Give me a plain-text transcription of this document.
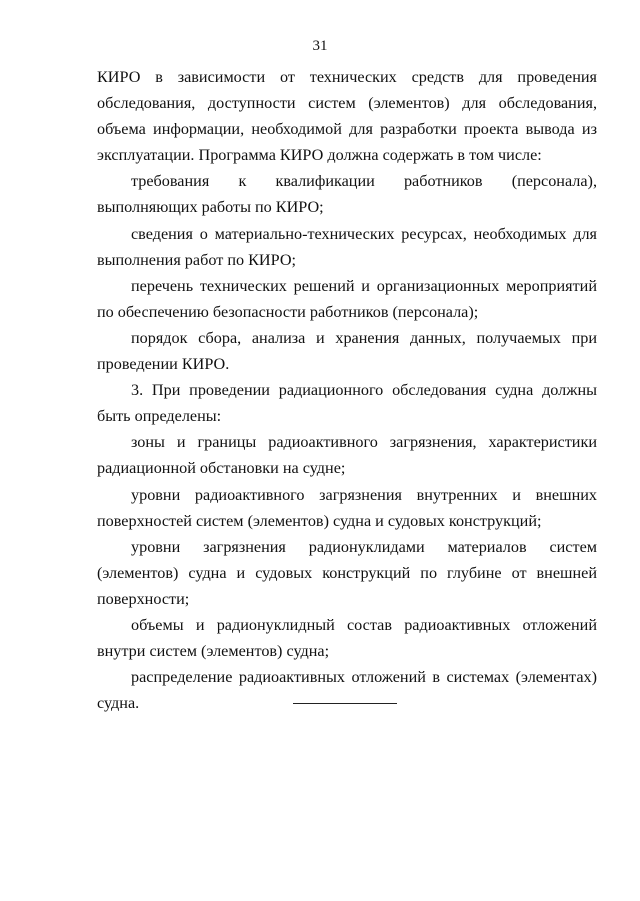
31

КИРО в зависимости от технических средств для проведения обследования, доступности систем (элементов) для обследования, объема информации, необходимой для разработки проекта вывода из эксплуатации. Программа КИРО должна содержать в том числе:

требования к квалификации работников (персонала), выполняющих работы по КИРО;

сведения о материально-технических ресурсах, необходимых для выполнения работ по КИРО;

перечень технических решений и организационных мероприятий по обеспечению безопасности работников (персонала);

порядок сбора, анализа и хранения данных, получаемых при проведении КИРО.

3. При проведении радиационного обследования судна должны быть определены:

зоны и границы радиоактивного загрязнения, характеристики радиационной обстановки на судне;

уровни радиоактивного загрязнения внутренних и внешних поверхностей систем (элементов) судна и судовых конструкций;

уровни загрязнения радионуклидами материалов систем (элементов) судна и судовых конструкций по глубине от внешней поверхности;

объемы и радионуклидный состав радиоактивных отложений внутри систем (элементов) судна;

распределение радиоактивных отложений в системах (элементах) судна.
